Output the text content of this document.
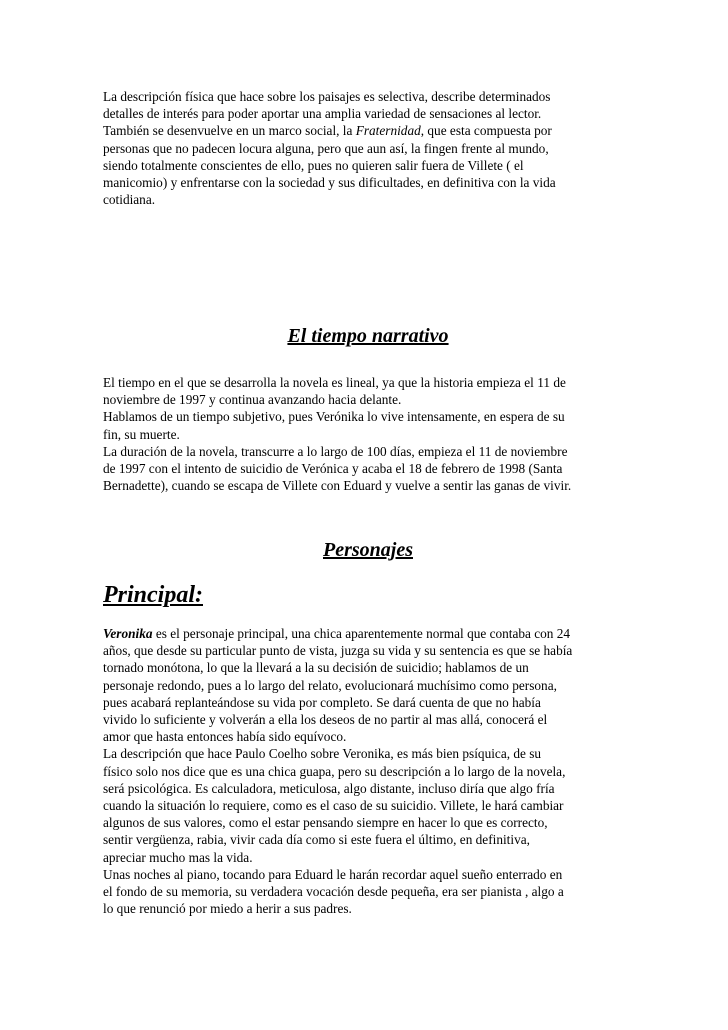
La descripción física que hace sobre los paisajes es selectiva, describe determinados
detalles de interés para poder aportar una amplia variedad de sensaciones al lector.
También se desenvuelve en un marco social, la Fraternidad, que esta compuesta por
personas que no padecen locura alguna, pero que aun así, la fingen frente al mundo,
siendo totalmente conscientes de ello, pues no quieren salir fuera de Villete ( el
manicomio) y enfrentarse con la sociedad y sus dificultades, en definitiva con la vida
cotidiana.
El tiempo narrativo
El tiempo en el que se desarrolla la novela es lineal, ya que la historia empieza el 11 de
noviembre de 1997 y continua avanzando hacia delante.
Hablamos de un tiempo subjetivo, pues Verónika lo vive intensamente, en espera de su
fin, su muerte.
La duración de la novela, transcurre a lo largo de 100 días, empieza el 11 de noviembre
de 1997 con el intento de suicidio de Verónica y acaba el 18 de febrero de 1998 (Santa
Bernadette), cuando se escapa de Villete con Eduard y vuelve a sentir las ganas de vivir.
Personajes
Principal:
Veronika es el personaje principal, una chica aparentemente normal que contaba con 24
años, que desde su particular punto de vista, juzga su vida y su sentencia es que se había
tornado monótona, lo que la llevará a la su decisión de suicidio; hablamos de un
personaje redondo, pues a lo largo del relato, evolucionará muchísimo como persona,
pues acabará replanteándose su vida por completo. Se dará cuenta de que no había
vivido lo suficiente y volverán a ella los deseos de no partir al mas allá, conocerá el
amor que hasta entonces había sido equívoco.
La descripción que hace Paulo Coelho sobre Veronika, es más bien psíquica, de su
físico solo nos dice que es una chica guapa, pero su descripción a lo largo de la novela,
será psicológica. Es calculadora, meticulosa, algo distante, incluso diría que algo fría
cuando la situación lo requiere, como es el caso de su suicidio. Villete, le hará cambiar
algunos de sus valores, como el estar pensando siempre en hacer lo que es correcto,
sentir vergüenza, rabia, vivir cada día como si este fuera el último, en definitiva,
apreciar mucho mas la vida.
Unas noches al piano, tocando para Eduard le harán recordar aquel sueño enterrado en
el fondo de su memoria, su verdadera vocación desde pequeña, era ser pianista , algo a
lo que renunció por miedo a herir a sus padres.
